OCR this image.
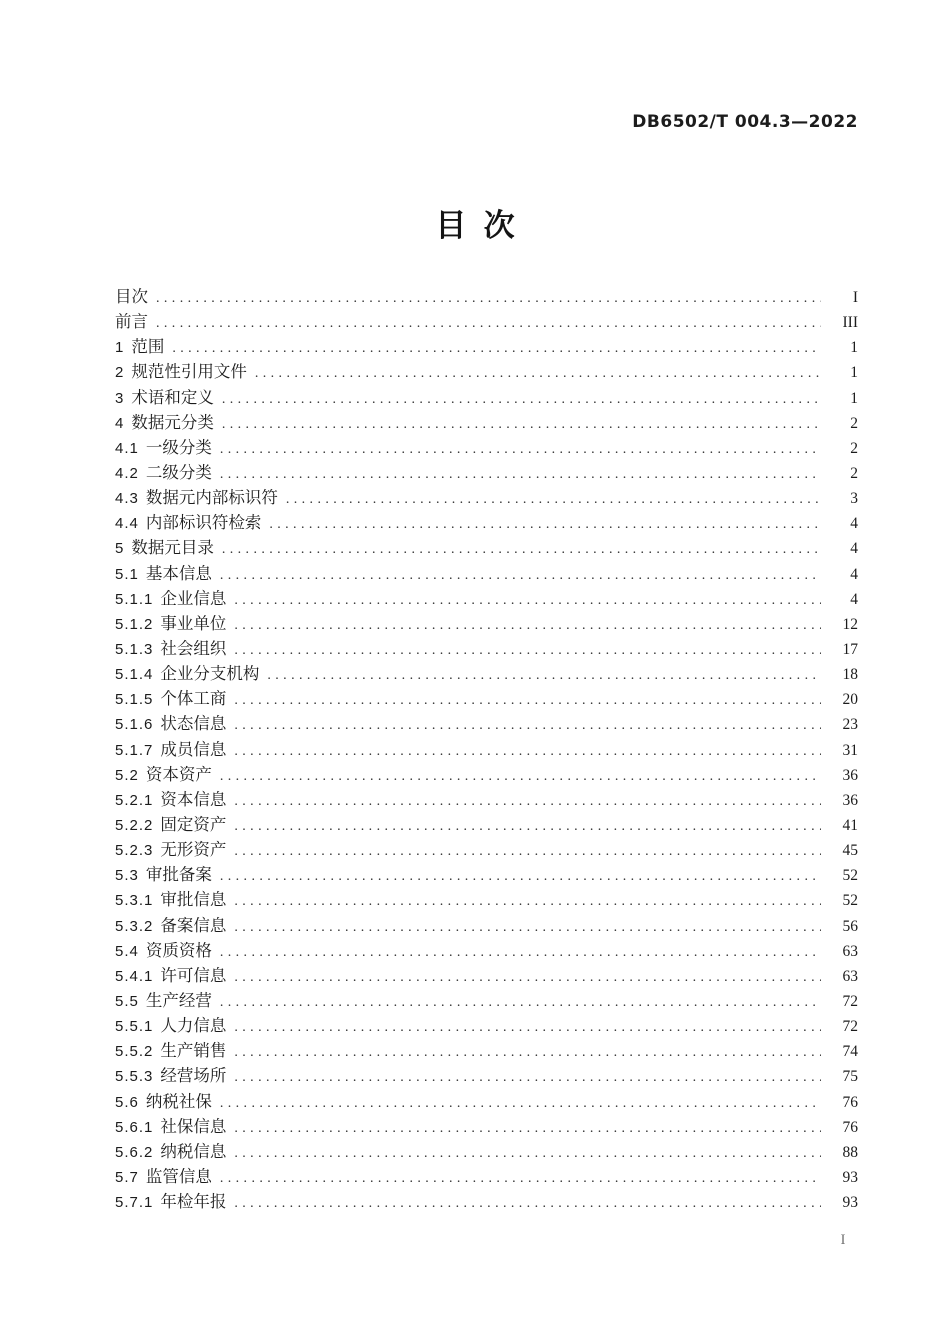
DB6502/T 004.3—2022
目  次
目次 .....	I
前言 .....	III
1 范围 .....	1
2 规范性引用文件 .....	1
3 术语和定义 .....	1
4 数据元分类 .....	2
4.1 一级分类 .....	2
4.2 二级分类 .....	2
4.3 数据元内部标识符 .....	3
4.4 内部标识符检索 .....	4
5 数据元目录 .....	4
5.1 基本信息 .....	4
5.1.1 企业信息 .....	4
5.1.2 事业单位 .....	12
5.1.3 社会组织 .....	17
5.1.4 企业分支机构 .....	18
5.1.5 个体工商 .....	20
5.1.6 状态信息 .....	23
5.1.7 成员信息 .....	31
5.2 资本资产 .....	36
5.2.1 资本信息 .....	36
5.2.2 固定资产 .....	41
5.2.3 无形资产 .....	45
5.3 审批备案 .....	52
5.3.1 审批信息 .....	52
5.3.2 备案信息 .....	56
5.4 资质资格 .....	63
5.4.1 许可信息 .....	63
5.5 生产经营 .....	72
5.5.1 人力信息 .....	72
5.5.2 生产销售 .....	74
5.5.3 经营场所 .....	75
5.6 纳税社保 .....	76
5.6.1 社保信息 .....	76
5.6.2 纳税信息 .....	88
5.7 监管信息 .....	93
5.7.1 年检年报 .....	93
I
